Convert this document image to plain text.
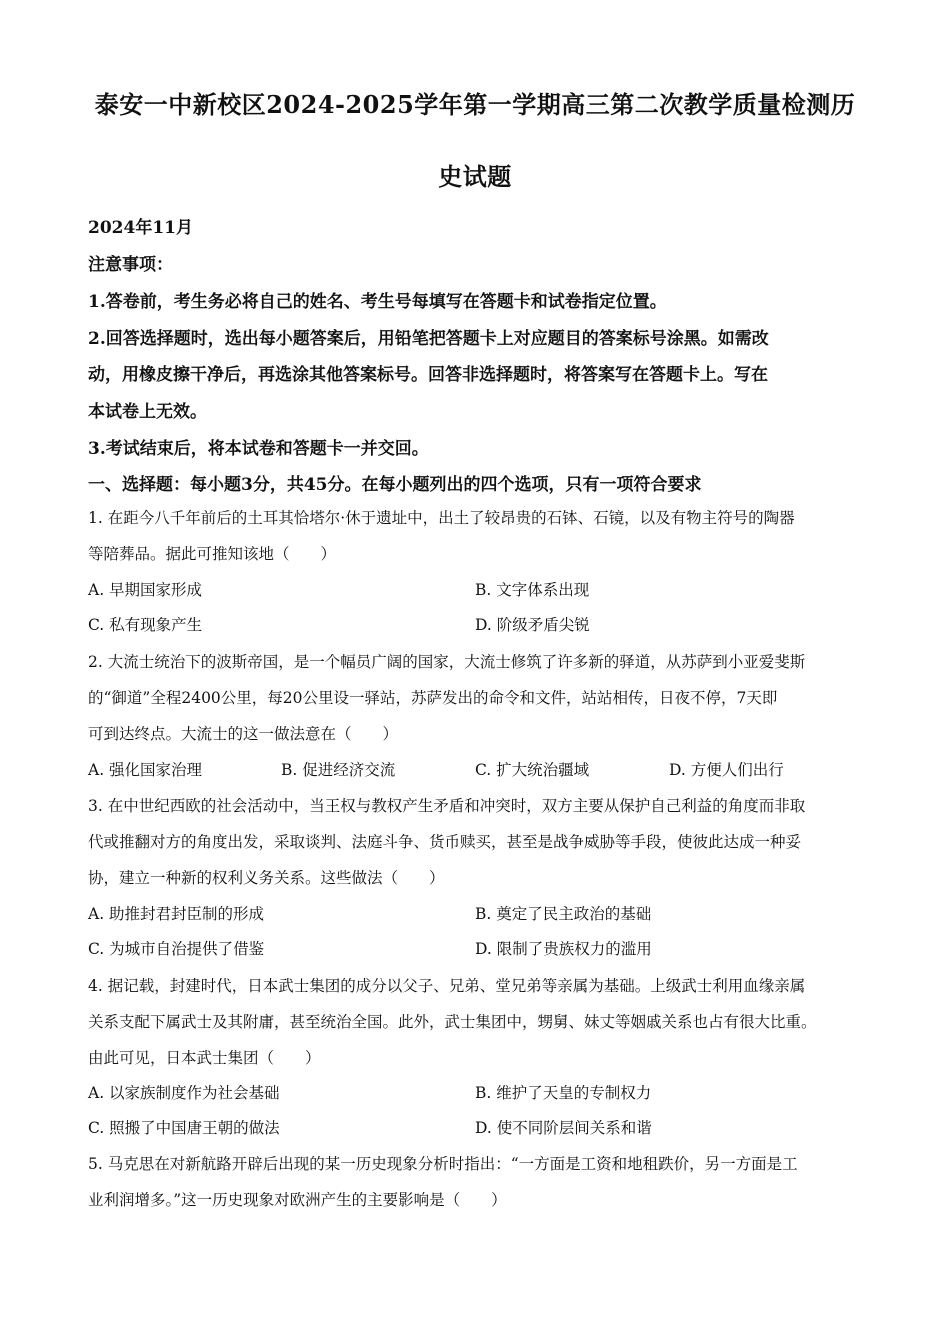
泰安一中新校区2024-2025学年第一学期高三第二次教学质量检测历
史试题
2024年11月
注意事项：
1.答卷前，考生务必将自己的姓名、考生号每填写在答题卡和试卷指定位置。
2.回答选择题时，选出每小题答案后，用铅笔把答题卡上对应题目的答案标号涂黑。如需改
动，用橡皮擦干净后，再选涂其他答案标号。回答非选择题时，将答案写在答题卡上。写在
本试卷上无效。
3.考试结束后，将本试卷和答题卡一并交回。
一、选择题：每小题3分，共45分。在每小题列出的四个选项，只有一项符合要求
1. 在距今八千年前后的土耳其恰塔尔·休于遗址中，出土了较昂贵的石钵、石镜，以及有物主符号的陶器
等陪葬品。据此可推知该地（　　）
A. 早期国家形成	B. 文字体系出现
C. 私有现象产生	D. 阶级矛盾尖锐
2. 大流士统治下的波斯帝国，是一个幅员广阔的国家，大流士修筑了许多新的驿道，从苏萨到小亚爱斐斯
的“御道”全程2400公里，每20公里设一驿站，苏萨发出的命令和文件，站站相传，日夜不停，7天即
可到达终点。大流士的这一做法意在（　　）
A. 强化国家治理	B. 促进经济交流	C. 扩大统治疆域	D. 方便人们出行
3. 在中世纪西欧的社会活动中，当王权与教权产生矛盾和冲突时，双方主要从保护自己利益的角度而非取
代或推翻对方的角度出发，采取谈判、法庭斗争、货币赎买，甚至是战争威胁等手段，使彼此达成一种妥
协，建立一种新的权利义务关系。这些做法（　　）
A. 助推封君封臣制的形成	B. 奠定了民主政治的基础
C. 为城市自治提供了借鉴	D. 限制了贵族权力的滥用
4. 据记载，封建时代，日本武士集团的成分以父子、兄弟、堂兄弟等亲属为基础。上级武士利用血缘亲属
关系支配下属武士及其附庸，甚至统治全国。此外，武士集团中，甥舅、妹丈等姻戚关系也占有很大比重。
由此可见，日本武士集团（　　）
A. 以家族制度作为社会基础	B. 维护了天皇的专制权力
C. 照搬了中国唐王朝的做法	D. 使不同阶层间关系和谐
5. 马克思在对新航路开辟后出现的某一历史现象分析时指出：“一方面是工资和地租跌价，另一方面是工
业利润增多。”这一历史现象对欧洲产生的主要影响是（　　）
